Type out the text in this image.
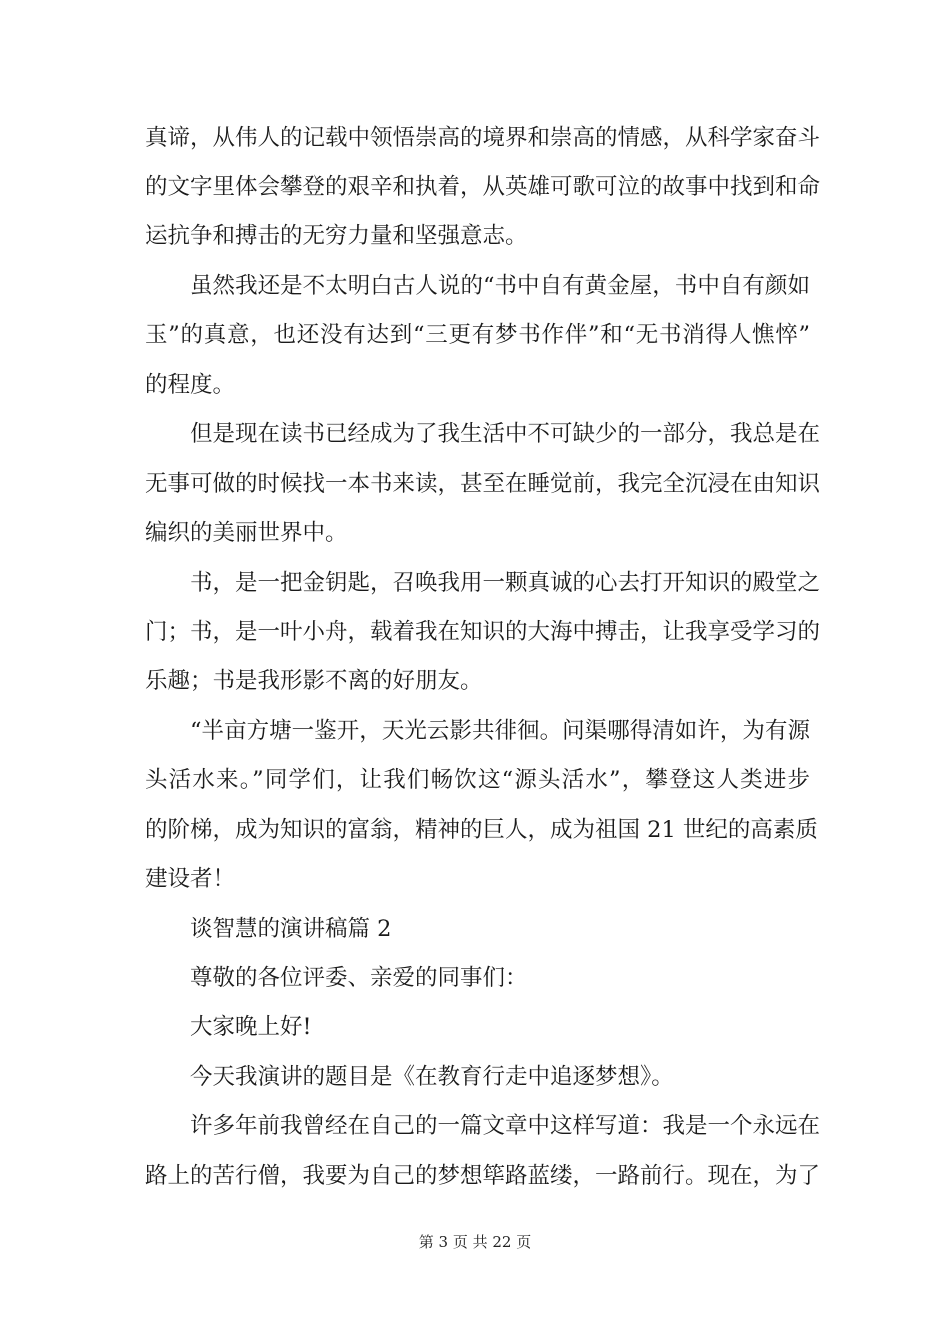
真谛，从伟人的记载中领悟崇高的境界和崇高的情感，从科学家奋斗
的文字里体会攀登的艰辛和执着，从英雄可歌可泣的故事中找到和命
运抗争和搏击的无穷力量和坚强意志。
虽然我还是不太明白古人说的“书中自有黄金屋，书中自有颜如
玉”的真意，也还没有达到“三更有梦书作伴”和“无书消得人憔悴”
的程度。
但是现在读书已经成为了我生活中不可缺少的一部分，我总是在
无事可做的时候找一本书来读，甚至在睡觉前，我完全沉浸在由知识
编织的美丽世界中。
书，是一把金钥匙，召唤我用一颗真诚的心去打开知识的殿堂之
门；书，是一叶小舟，载着我在知识的大海中搏击，让我享受学习的
乐趣；书是我形影不离的好朋友。
“半亩方塘一鉴开，天光云影共徘徊。问渠哪得清如许，为有源
头活水来。”同学们，让我们畅饮这“源头活水”，攀登这人类进步
的阶梯，成为知识的富翁，精神的巨人，成为祖国 21 世纪的高素质
建设者！
谈智慧的演讲稿篇 2
尊敬的各位评委、亲爱的同事们：
大家晚上好!
今天我演讲的题目是《在教育行走中追逐梦想》。
许多年前我曾经在自己的一篇文章中这样写道：我是一个永远在
路上的苦行僧，我要为自己的梦想筚路蓝缕，一路前行。现在，为了
第 3 页 共 22 页
